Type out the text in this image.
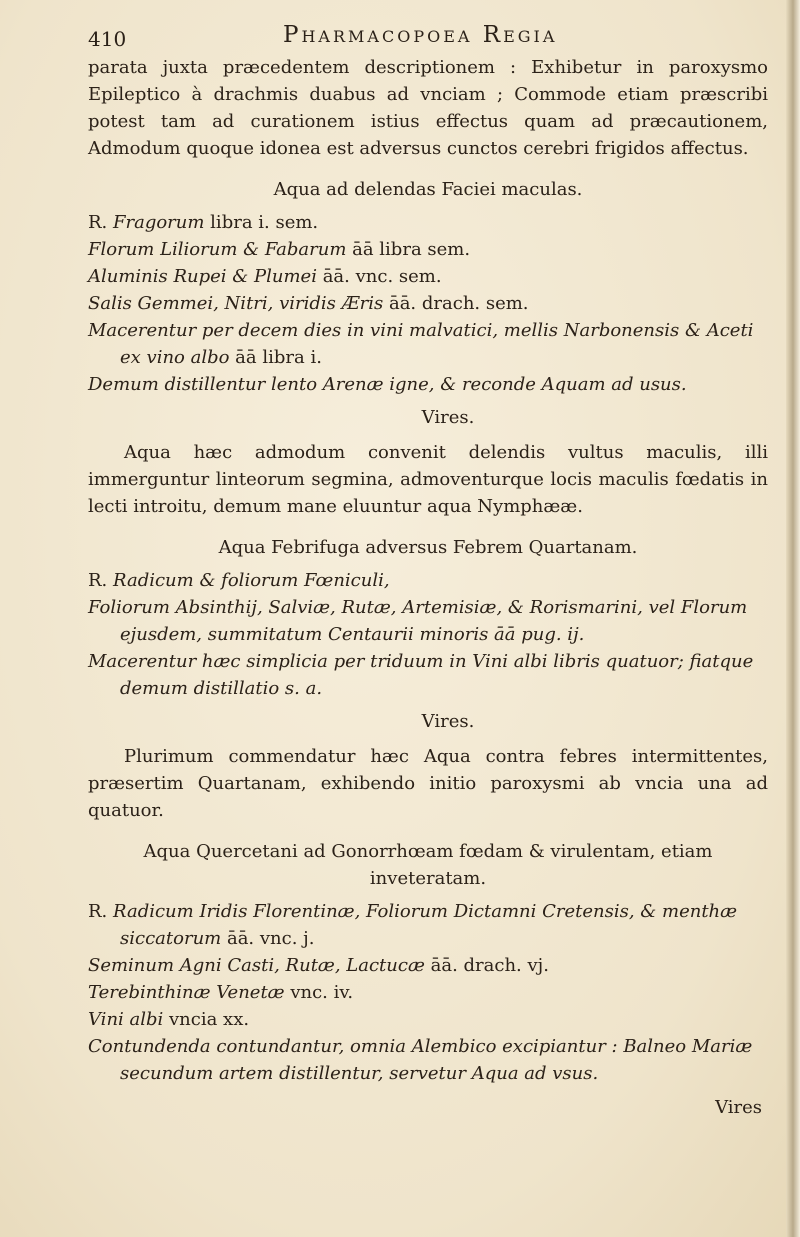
410	Pharmacopoea Regia

parata juxta præcedentem descriptionem : Exhibetur in paroxysmo Epileptico à drachmis duabus ad vnciam ; Commode etiam præscribi potest tam ad curationem istius effectus quam ad præcautionem, Admodum quoque idonea est adversus cunctos cerebri frigidos affectus.

Aqua ad delendas Faciei maculas.

R. Fragorum libra i. sem.

Florum Liliorum & Fabarum āā libra sem.

Aluminis Rupei & Plumei āā. vnc. sem.

Salis Gemmei, Nitri, viridis Æris āā. drach. sem.

Macerentur per decem dies in vini malvatici, mellis Narbonensis & Aceti ex vino albo āā libra i.

Demum distillentur lento Arenæ igne, & reconde Aquam ad usus.

Vires.

Aqua hæc admodum convenit delendis vultus maculis, illi immerguntur linteorum segmina, admoventurque locis maculis fœdatis in lecti introitu, demum mane eluuntur aqua Nymphææ.

Aqua Febrifuga adversus Febrem Quartanam.

R. Radicum & foliorum Fœniculi,

Foliorum Absinthij, Salviæ, Rutæ, Artemisiæ, & Rorismarini, vel Florum ejusdem, summitatum Centaurii minoris āā pug. ij.

Macerentur hæc simplicia per triduum in Vini albi libris quatuor; fiatque demum distillatio s. a.

Vires.

Plurimum commendatur hæc Aqua contra febres intermittentes, præsertim Quartanam, exhibendo initio paroxysmi ab vncia una ad quatuor.

Aqua Quercetani ad Gonorrhœam fœdam & virulentam, etiam inveteratam.

R. Radicum Iridis Florentinæ, Foliorum Dictamni Cretensis, & menthæ siccatorum āā. vnc. j.

Seminum Agni Casti, Rutæ, Lactucæ āā. drach. vj.

Terebinthinæ Venetæ vnc. iv.

Vini albi vncia xx.

Contundenda contundantur, omnia Alembico excipiantur : Balneo Mariæ secundum artem distillentur, servetur Aqua ad vsus.

Vires
